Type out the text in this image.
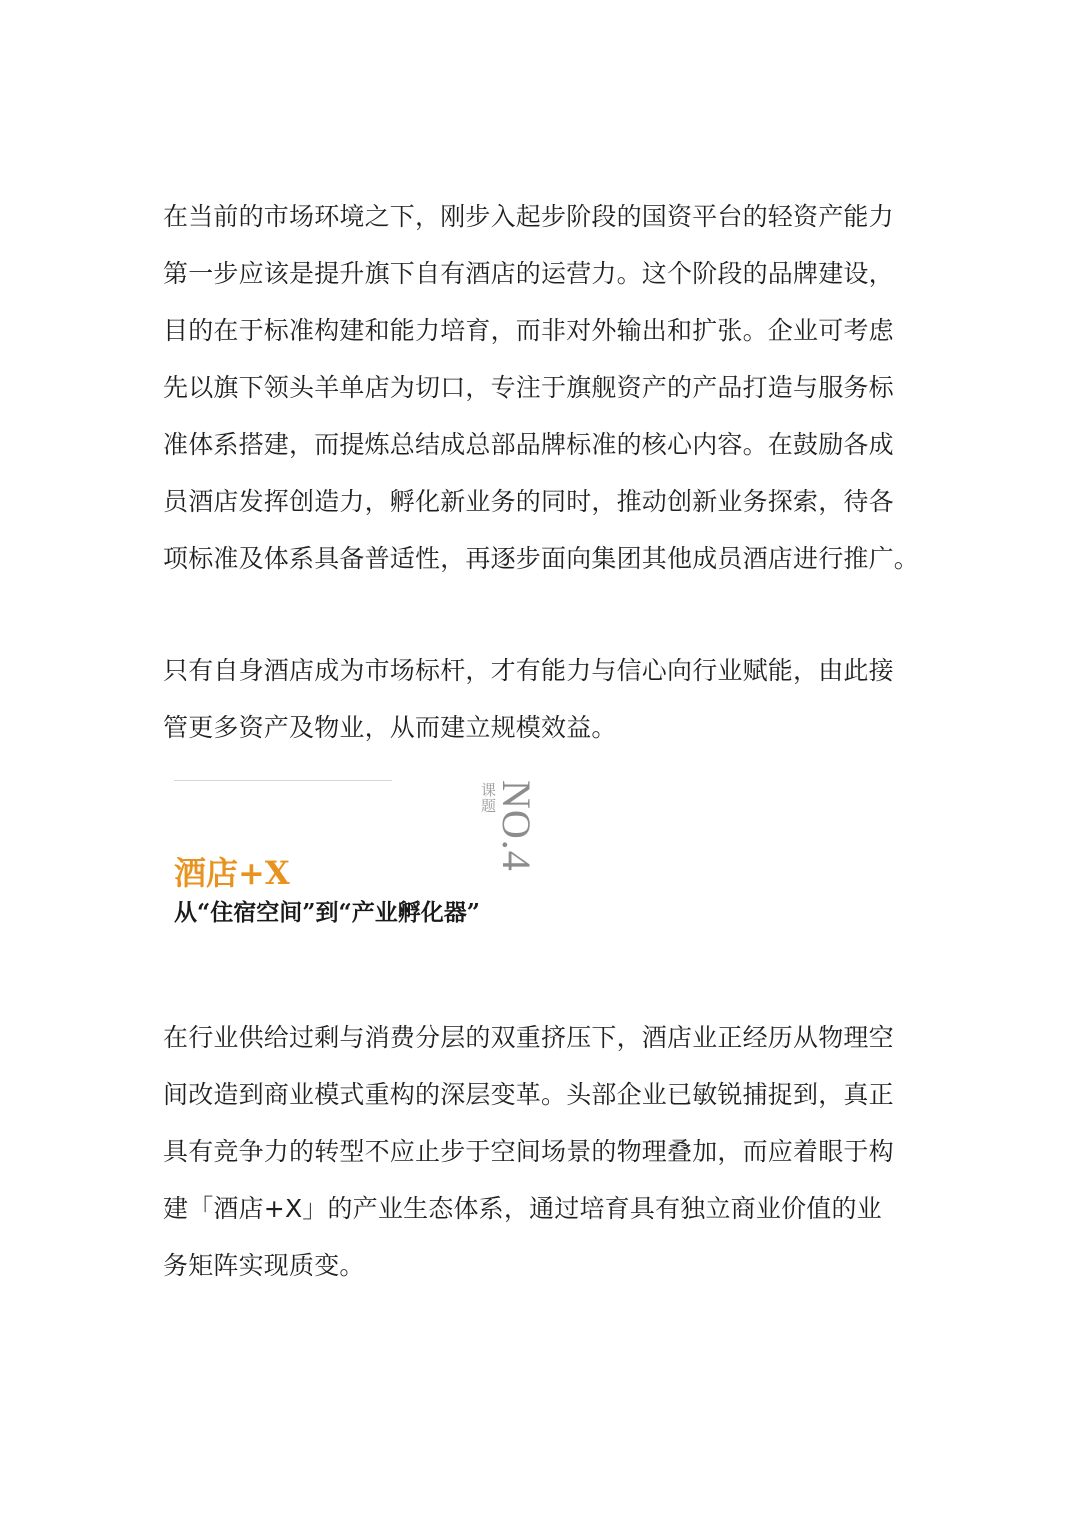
在当前的市场环境之下，刚步入起步阶段的国资平台的轻资产能力
第一步应该是提升旗下自有酒店的运营力。这个阶段的品牌建设，
目的在于标准构建和能力培育，而非对外输出和扩张。企业可考虑
先以旗下领头羊单店为切口，专注于旗舰资产的产品打造与服务标
准体系搭建，而提炼总结成总部品牌标准的核心内容。在鼓励各成
员酒店发挥创造力，孵化新业务的同时，推动创新业务探索，待各
项标准及体系具备普适性，再逐步面向集团其他成员酒店进行推广。
只有自身酒店成为市场标杆，才有能力与信心向行业赋能，由此接
管更多资产及物业，从而建立规模效益。
课题
NO.4
酒店+X
从“住宿空间”到“产业孵化器”
在行业供给过剩与消费分层的双重挤压下，酒店业正经历从物理空
间改造到商业模式重构的深层变革。头部企业已敏锐捕捉到，真正
具有竞争力的转型不应止步于空间场景的物理叠加，而应着眼于构
建「酒店+X」的产业生态体系，通过培育具有独立商业价值的业
务矩阵实现质变。
